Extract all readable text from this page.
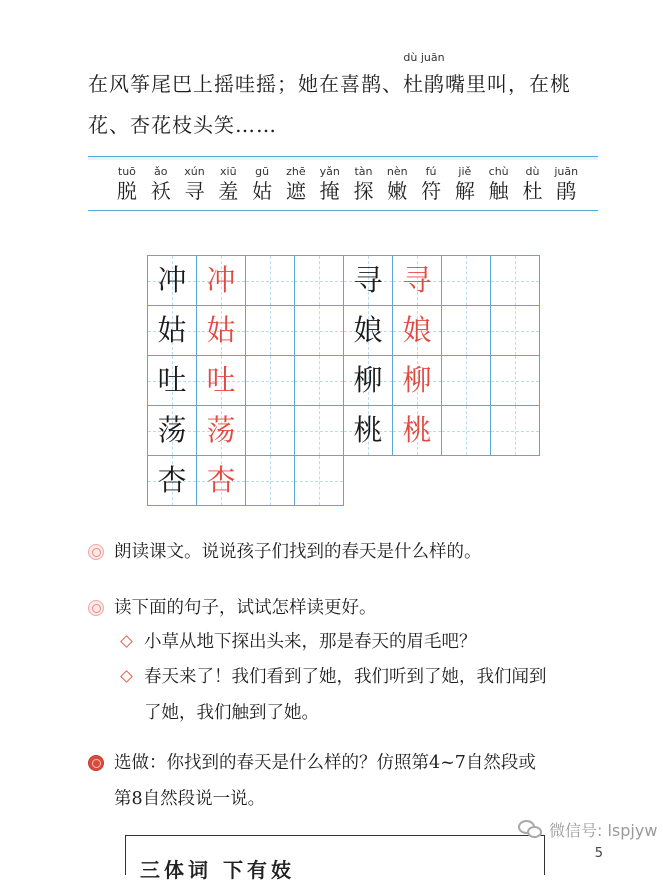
在风筝尾巴上摇哇摇；她在喜鹊、
dù juān
杜鹃嘴里叫，在桃
花、杏花枝头笑……
tuō
脱
ǎo
袄
xún
寻
xiū
羞
gū
姑
zhē
遮
yǎn
掩
tàn
探
nèn
嫩
fú
符
jiě
解
chù
触
dù
杜
juān
鹃
冲 冲
姑 姑
吐 吐
荡 荡
杏 杏
寻 寻
娘 娘
柳 柳
桃 桃
朗读课文。说说孩子们找到的春天是什么样的。
读下面的句子，试试怎样读更好。
小草从地下探出头来，那是春天的眉毛吧？
春天来了！我们看到了她，我们听到了她，我们闻到
了她，我们触到了她。
选做：你找到的春天是什么样的？仿照第4~7自然段或
第8自然段说一说。
三体词 下有妓
微信号: lspjyw
5
